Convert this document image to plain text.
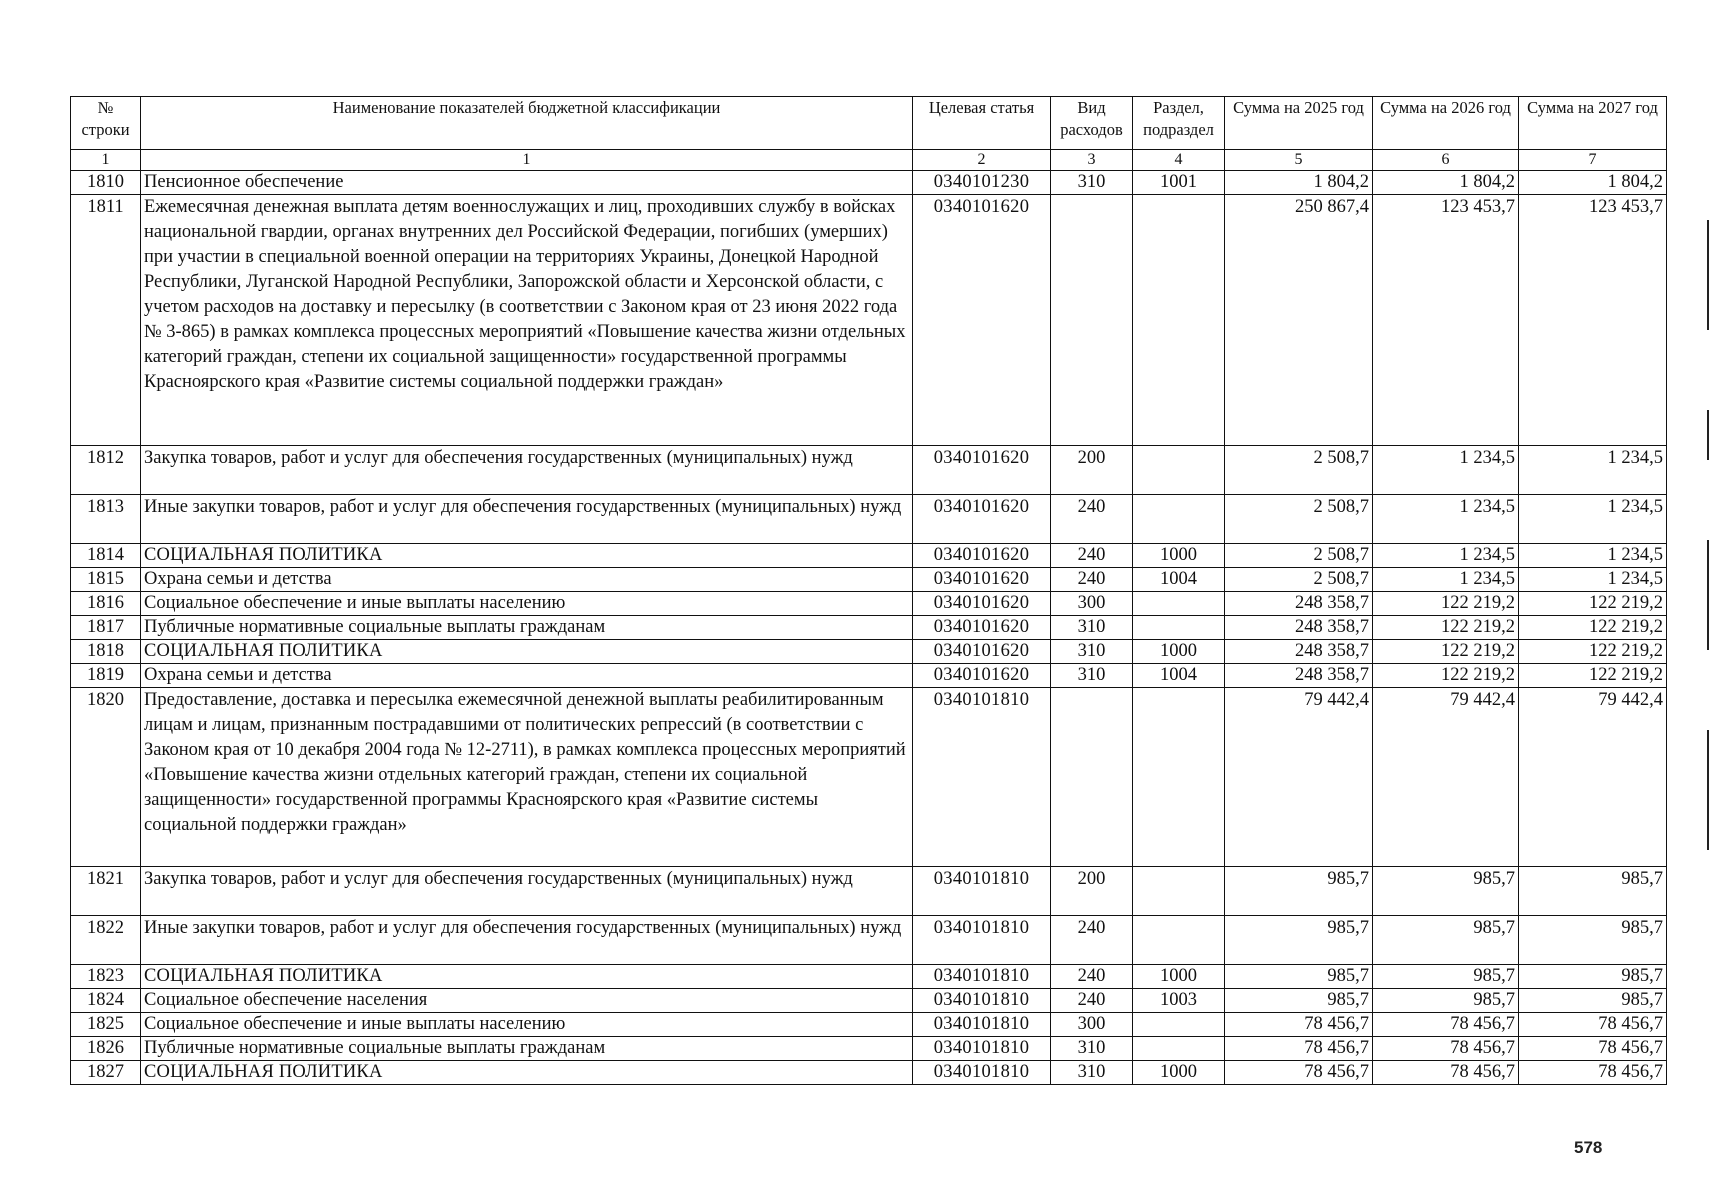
№ строки	Наименование показателей бюджетной классификации	Целевая статья	Вид расходов	Раздел, подраздел	Сумма на 2025 год	Сумма на 2026 год	Сумма на 2027 год
1	1	2	3	4	5	6	7
1810	Пенсионное обеспечение	0340101230	310	1001	1 804,2	1 804,2	1 804,2
1811	Ежемесячная денежная выплата детям военнослужащих и лиц, проходивших службу в войсках национальной гвардии, органах внутренних дел Российской Федерации, погибших (умерших) при участии в специальной военной операции на территориях Украины, Донецкой Народной Республики, Луганской Народной Республики, Запорожской области и Херсонской области, с учетом расходов на доставку и пересылку (в соответствии с Законом края от 23 июня 2022 года № 3-865) в рамках комплекса процессных мероприятий «Повышение качества жизни отдельных категорий граждан, степени их социальной защищенности» государственной программы Красноярского края «Развитие системы социальной поддержки граждан»	0340101620			250 867,4	123 453,7	123 453,7
1812	Закупка товаров, работ и услуг для обеспечения государственных (муниципальных) нужд	0340101620	200		2 508,7	1 234,5	1 234,5
1813	Иные закупки товаров, работ и услуг для обеспечения государственных (муниципальных) нужд	0340101620	240		2 508,7	1 234,5	1 234,5
1814	СОЦИАЛЬНАЯ ПОЛИТИКА	0340101620	240	1000	2 508,7	1 234,5	1 234,5
1815	Охрана семьи и детства	0340101620	240	1004	2 508,7	1 234,5	1 234,5
1816	Социальное обеспечение и иные выплаты населению	0340101620	300		248 358,7	122 219,2	122 219,2
1817	Публичные нормативные социальные выплаты гражданам	0340101620	310		248 358,7	122 219,2	122 219,2
1818	СОЦИАЛЬНАЯ ПОЛИТИКА	0340101620	310	1000	248 358,7	122 219,2	122 219,2
1819	Охрана семьи и детства	0340101620	310	1004	248 358,7	122 219,2	122 219,2
1820	Предоставление, доставка и пересылка ежемесячной денежной выплаты реабилитированным лицам и лицам, признанным пострадавшими от политических репрессий (в соответствии с Законом края от 10 декабря 2004 года № 12-2711), в рамках комплекса процессных мероприятий «Повышение качества жизни отдельных категорий граждан, степени их социальной защищенности» государственной программы Красноярского края «Развитие системы социальной поддержки граждан»	0340101810			79 442,4	79 442,4	79 442,4
1821	Закупка товаров, работ и услуг для обеспечения государственных (муниципальных) нужд	0340101810	200		985,7	985,7	985,7
1822	Иные закупки товаров, работ и услуг для обеспечения государственных (муниципальных) нужд	0340101810	240		985,7	985,7	985,7
1823	СОЦИАЛЬНАЯ ПОЛИТИКА	0340101810	240	1000	985,7	985,7	985,7
1824	Социальное обеспечение населения	0340101810	240	1003	985,7	985,7	985,7
1825	Социальное обеспечение и иные выплаты населению	0340101810	300		78 456,7	78 456,7	78 456,7
1826	Публичные нормативные социальные выплаты гражданам	0340101810	310		78 456,7	78 456,7	78 456,7
1827	СОЦИАЛЬНАЯ ПОЛИТИКА	0340101810	310	1000	78 456,7	78 456,7	78 456,7
578
